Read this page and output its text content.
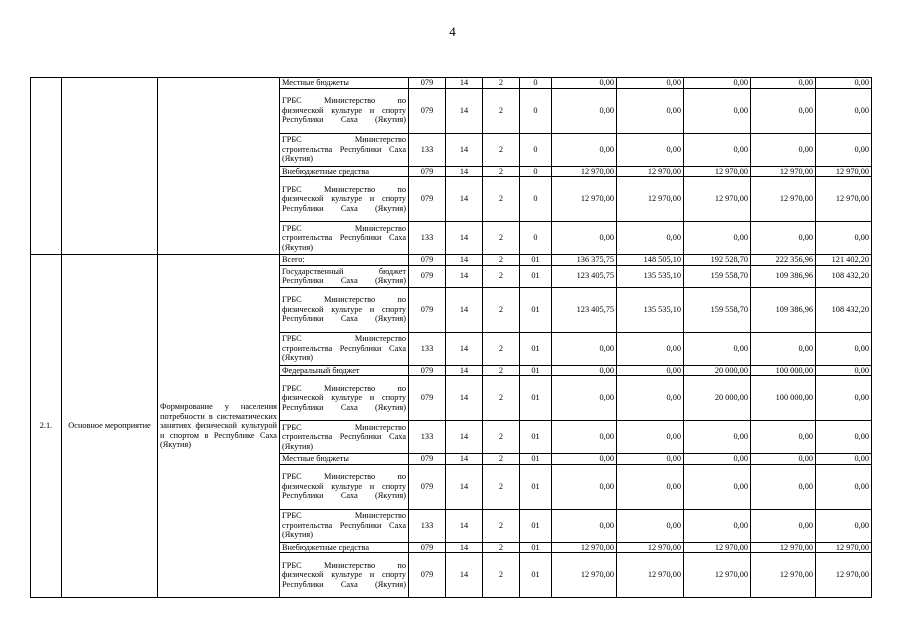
4
			Местные бюджеты	079	14	2	0	0,00	0,00	0,00	0,00	0,00
			ГРБС Министерство по физической культуре и спорту Республики Саха (Якутия)	079	14	2	0	0,00	0,00	0,00	0,00	0,00
			ГРБС Министерство строительства Республики Саха (Якутия)	133	14	2	0	0,00	0,00	0,00	0,00	0,00
			Внебюджетные средства	079	14	2	0	12 970,00	12 970,00	12 970,00	12 970,00	12 970,00
			ГРБС Министерство по физической культуре и спорту Республики Саха (Якутия)	079	14	2	0	12 970,00	12 970,00	12 970,00	12 970,00	12 970,00
			ГРБС Министерство строительства Республики Саха (Якутия)	133	14	2	0	0,00	0,00	0,00	0,00	0,00
2.1.	Основное мероприятие	Формирование у населения потребности в систематических занятиях физической культурой и спортом в Республике Саха (Якутия)	Всего:	079	14	2	01	136 375,75	148 505,10	192 528,70	222 356,96	121 402,20
			Государственный бюджет Республики Саха (Якутия)	079	14	2	01	123 405,75	135 535,10	159 558,70	109 386,96	108 432,20
			ГРБС Министерство по физической культуре и спорту Республики Саха (Якутия)	079	14	2	01	123 405,75	135 535,10	159 558,70	109 386,96	108 432,20
			ГРБС Министерство строительства Республики Саха (Якутия)	133	14	2	01	0,00	0,00	0,00	0,00	0,00
			Федеральный бюджет	079	14	2	01	0,00	0,00	20 000,00	100 000,00	0,00
			ГРБС Министерство по физической культуре и спорту Республики Саха (Якутия)	079	14	2	01	0,00	0,00	20 000,00	100 000,00	0,00
			ГРБС Министерство строительства Республики Саха (Якутия)	133	14	2	01	0,00	0,00	0,00	0,00	0,00
			Местные бюджеты	079	14	2	01	0,00	0,00	0,00	0,00	0,00
			ГРБС Министерство по физической культуре и спорту Республики Саха (Якутия)	079	14	2	01	0,00	0,00	0,00	0,00	0,00
			ГРБС Министерство строительства Республики Саха (Якутия)	133	14	2	01	0,00	0,00	0,00	0,00	0,00
			Внебюджетные средства	079	14	2	01	12 970,00	12 970,00	12 970,00	12 970,00	12 970,00
			ГРБС Министерство по физической культуре и спорту Республики Саха (Якутия)	079	14	2	01	12 970,00	12 970,00	12 970,00	12 970,00	12 970,00
